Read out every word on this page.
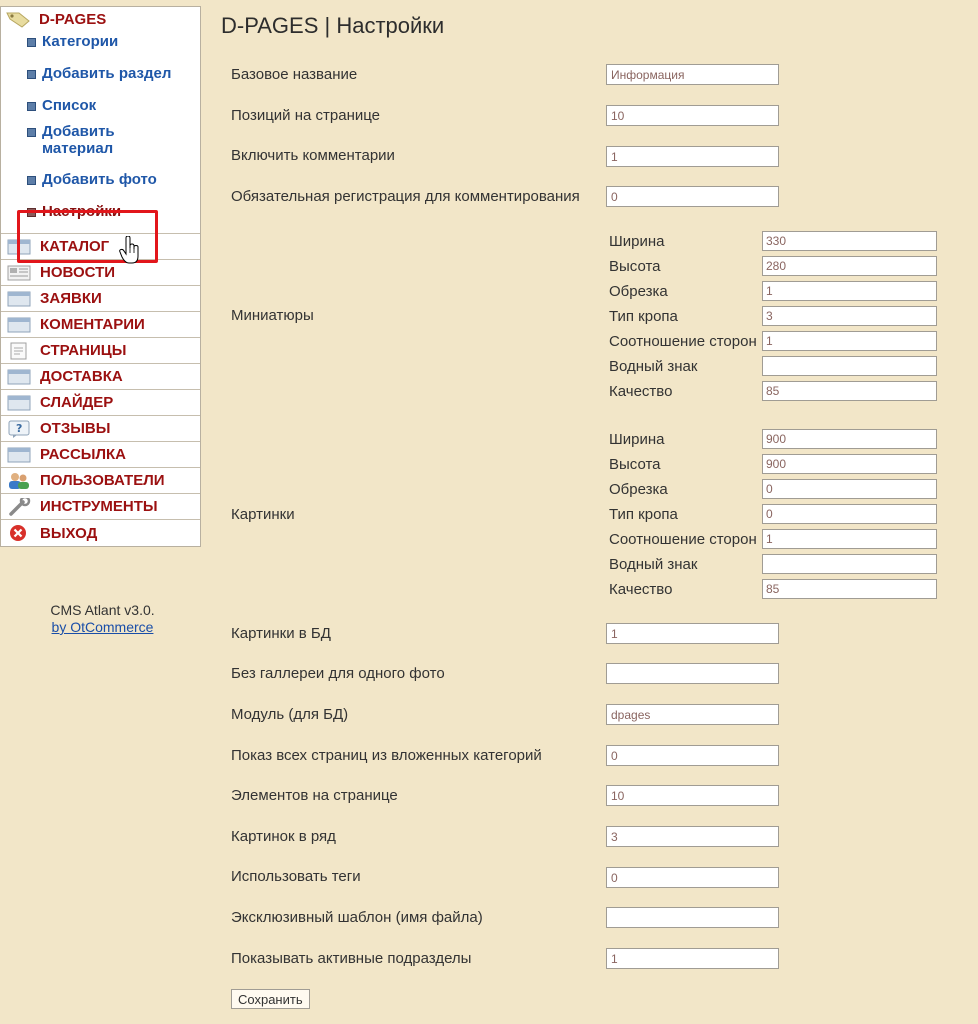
D-PAGES
Категории
Добавить раздел
Список
Добавить материал
Добавить фото
Настройки
КАТАЛОГ
НОВОСТИ
ЗАЯВКИ
КОМЕНТАРИИ
СТРАНИЦЫ
ДОСТАВКА
СЛАЙДЕР
? ОТЗЫВЫ
РАССЫЛКА
ПОЛЬЗОВАТЕЛИ
ИНСТРУМЕНТЫ
ВЫХОД
CMS Atlant v3.0.
by OtCommerce
D-PAGES | Настройки
Базовое название
Информация
Позиций на странице
10
Включить комментарии
1
Обязательная регистрация для комментирования
0
Миниатюры
Ширина
330
Высота
280
Обрезка
1
Тип кропа
3
Соотношение сторон
1
Водный знак
Качество
85
Картинки
Ширина
900
Высота
900
Обрезка
0
Тип кропа
0
Соотношение сторон
1
Водный знак
Качество
85
Картинки в БД
1
Без галлереи для одного фото
Модуль (для БД)
dpages
Показ всех страниц из вложенных категорий
0
Элементов на странице
10
Картинок в ряд
3
Использовать теги
0
Эксклюзивный шаблон (имя файла)
Показывать активные подразделы
1
Сохранить
